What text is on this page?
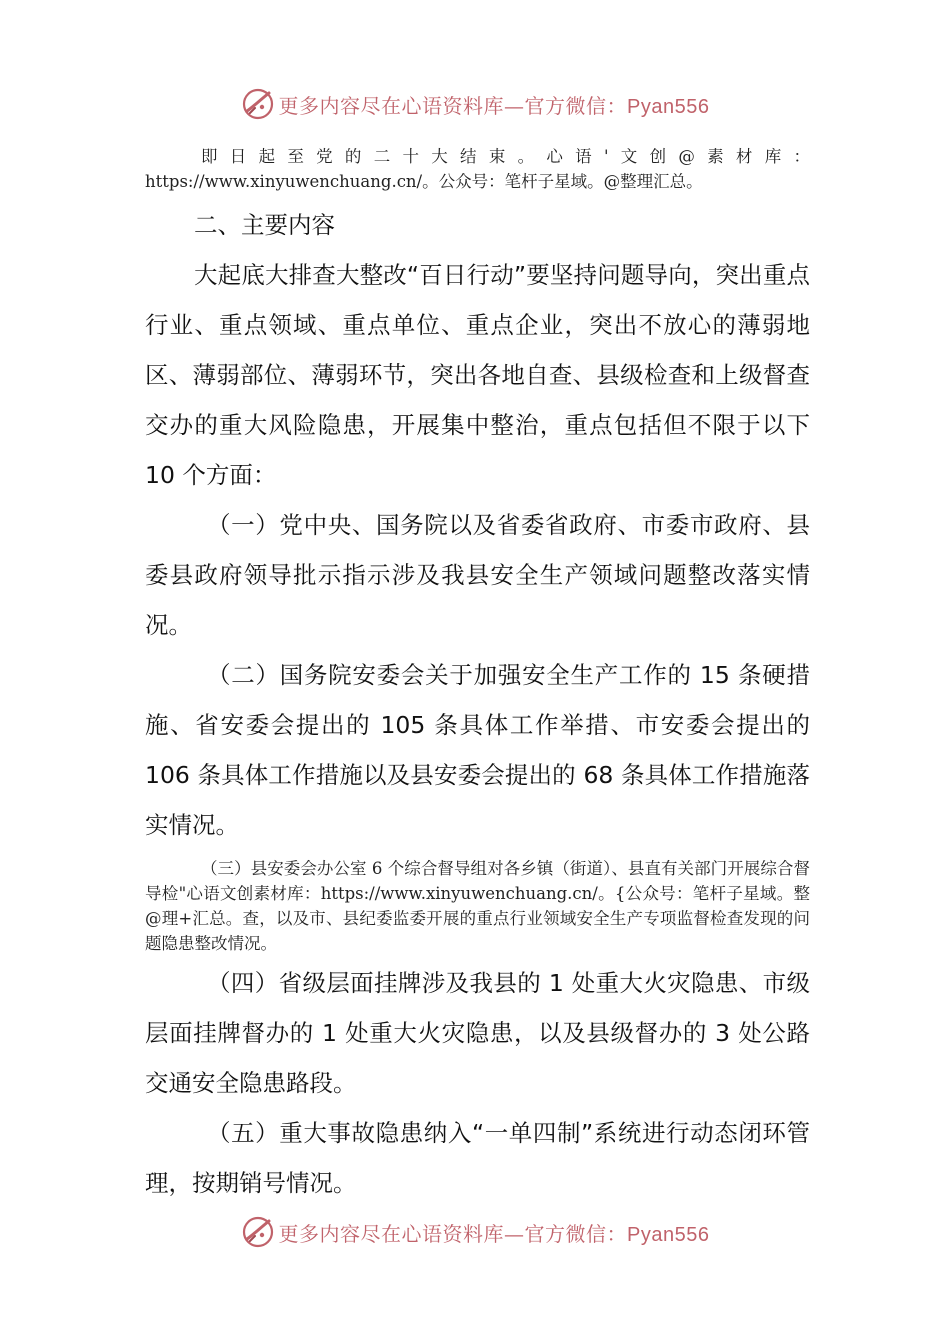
更多内容尽在心语资料库—官方微信：Pyan556

即日起至党的二十大结束。心语'文创@素材库：https://www.xinyuwenchuang.cn/。公众号：笔杆子星域。@整理汇总。

二、主要内容

大起底大排查大整改“百日行动”要坚持问题导向，突出重点行业、重点领域、重点单位、重点企业，突出不放心的薄弱地区、薄弱部位、薄弱环节，突出各地自查、县级检查和上级督查交办的重大风险隐患，开展集中整治，重点包括但不限于以下 10 个方面：

（一）党中央、国务院以及省委省政府、市委市政府、县委县政府领导批示指示涉及我县安全生产领域问题整改落实情况。

（二）国务院安委会关于加强安全生产工作的 15 条硬措施、省安委会提出的 105 条具体工作举措、市安委会提出的 106 条具体工作措施以及县安委会提出的 68 条具体工作措施落实情况。

（三）县安委会办公室 6 个综合督导组对各乡镇（街道）、县直有关部门开展综合督导检"心语文创素材库：https://www.xinyuwenchuang.cn/。{公众号：笔杆子星域。整@理+汇总。查，以及市、县纪委监委开展的重点行业领域安全生产专项监督检查发现的问题隐患整改情况。

（四）省级层面挂牌涉及我县的 1 处重大火灾隐患、市级层面挂牌督办的 1 处重大火灾隐患，以及县级督办的 3 处公路交通安全隐患路段。

（五）重大事故隐患纳入“一单四制”系统进行动态闭环管理，按期销号情况。

更多内容尽在心语资料库—官方微信：Pyan556
